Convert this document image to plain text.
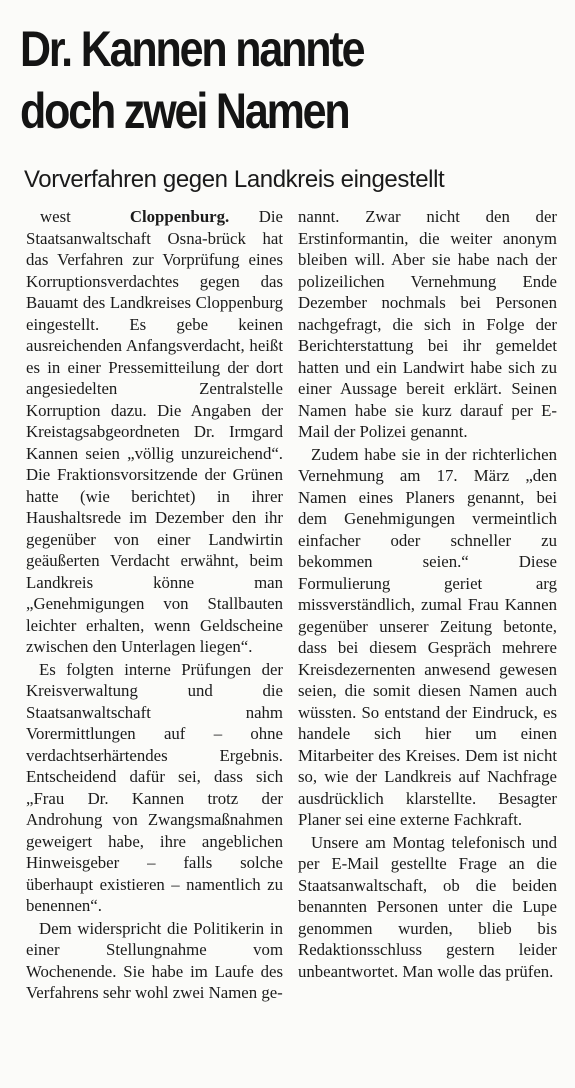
Dr. Kannen nannte
doch zwei Namen
Vorverfahren gegen Landkreis eingestellt

west	Cloppenburg. Die Staatsanwaltschaft Osna-brück hat das Verfahren zur Vorprüfung eines Korruptionsverdachtes gegen das Bauamt des Landkreises Cloppenburg eingestellt. Es gebe keinen ausreichenden Anfangsverdacht, heißt es in einer Pressemitteilung der dort angesiedelten Zentralstelle Korruption dazu. Die Angaben der Kreistagsabgeordneten Dr. Irmgard Kannen seien „völlig unzureichend“. Die Fraktionsvorsitzende der Grünen hatte (wie berichtet) in ihrer Haushaltsrede im Dezember den ihr gegenüber von einer Landwirtin geäußerten Verdacht erwähnt, beim Landkreis könne man „Genehmigungen von Stallbauten leichter erhalten, wenn Geldscheine zwischen den Unterlagen liegen“.

Es folgten interne Prüfungen der Kreisverwaltung und die Staatsanwaltschaft nahm Vorermittlungen auf – ohne verdachtserhärtendes Ergebnis. Entscheidend dafür sei, dass sich „Frau Dr. Kannen trotz der Androhung von Zwangsmaßnahmen geweigert habe, ihre angeblichen Hinweisgeber – falls solche überhaupt existieren – namentlich zu benennen“.

Dem widerspricht die Politikerin in einer Stellungnahme vom Wochenende. Sie habe im Laufe des Verfahrens sehr wohl zwei Namen ge-

nannt. Zwar nicht den der Erstinformantin, die weiter anonym bleiben will. Aber sie habe nach der polizeilichen Vernehmung Ende Dezember nochmals bei Personen nachgefragt, die sich in Folge der Berichterstattung bei ihr gemeldet hatten und ein Landwirt habe sich zu einer Aussage bereit erklärt. Seinen Namen habe sie kurz darauf per E-Mail der Polizei genannt.

Zudem habe sie in der richterlichen Vernehmung am 17. März „den Namen eines Planers genannt, bei dem Genehmigungen vermeintlich einfacher oder schneller zu bekommen seien.“ Diese Formulierung geriet arg missverständlich, zumal Frau Kannen gegenüber unserer Zeitung betonte, dass bei diesem Gespräch mehrere Kreisdezernenten anwesend gewesen seien, die somit diesen Namen auch wüssten. So entstand der Eindruck, es handele sich hier um einen Mitarbeiter des Kreises. Dem ist nicht so, wie der Landkreis auf Nachfrage ausdrücklich klarstellte. Besagter Planer sei eine externe Fachkraft.

Unsere am Montag telefonisch und per E-Mail gestellte Frage an die Staatsanwaltschaft, ob die beiden benannten Personen unter die Lupe genommen wurden, blieb bis Redaktionsschluss gestern leider unbeantwortet. Man wolle das prüfen.
